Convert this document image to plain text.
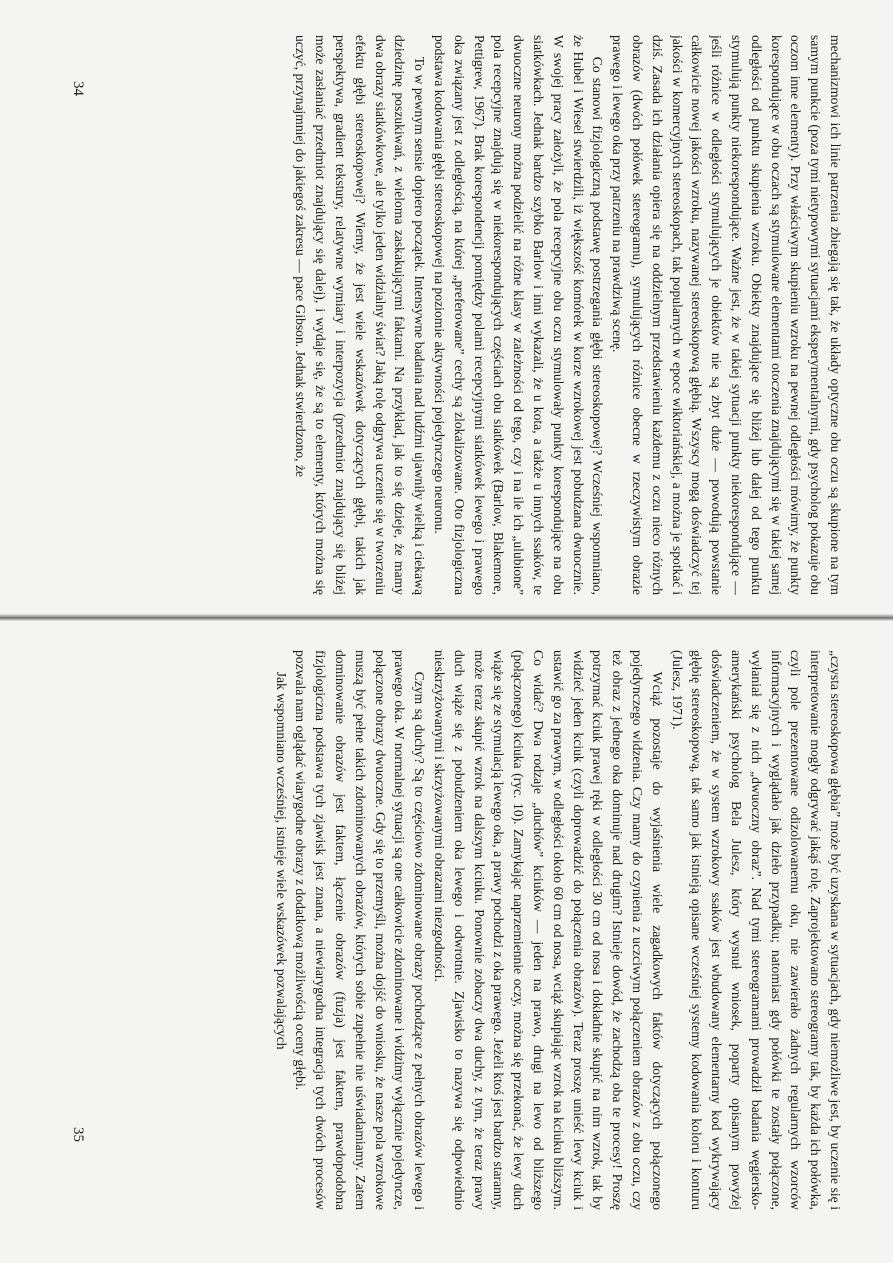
mechanizmowi ich linie patrzenia zbiegają się tak, że układy optyczne obu oczu są skupione na tym samym punkcie (poza tymi nietypowymi sytuacjami eksperymentalnymi, gdy psycholog pokazuje obu oczom inne elementy). Przy właściwym skupieniu wzroku na pewnej odległości mówimy, że punkty korespondujące w obu oczach są stymulowane elementami otoczenia znajdującymi się w takiej samej odległości od punktu skupienia wzroku. Obiekty znajdujące się bliżej lub dalej od tego punktu stymulują punkty niekorespondujące. Ważne jest, że w takiej sytuacji punkty niekorespondujące — jeśli różnice w odległości stymulujących je obiektów nie są zbyt duże — powodują powstanie całkowicie nowej jakości wzroku, nazywanej stereoskopową głębią. Wszyscy mogą doświadczyć tej jakości w komercyjnych stereoskopach, tak popularnych w epoce wiktoriańskiej, a można je spotkać i dziś. Zasada ich działania opiera się na oddzielnym przedstawieniu każdemu z oczu nieco różnych obrazów (dwóch połówek stereogramu), symulujących różnice obecne w rzeczywistym obrazie prawego i lewego oka przy patrzeniu na prawdziwą scenę.

Co stanowi fizjologiczną podstawę postrzegania głębi stereoskopowej? Wcześniej wspomniano, że Hubel i Wiesel stwierdzili, iż większość komórek w korze wzrokowej jest pobudzana dwuocznie. W swojej pracy założyli, że pola recepcyjne obu oczu stymulowały punkty korespondujące na obu siatkówkach. Jednak bardzo szybko Barlow i inni wykazali, że u kota, a także u innych ssaków, te dwuoczne neurony można podzielić na różne klasy w zależności od tego, czy i na ile ich „ulubione” pola recepcyjne znajdują się w niekorespondujących częściach obu siatkówek (Barlow, Blakemore, Pettigrew, 1967). Brak korespondencji pomiędzy polami recepcyjnymi siatkówek lewego i prawego oka związany jest z odległością, na której „preferowane” cechy są zlokalizowane. Oto fizjologiczna podstawa kodowania głębi stereoskopowej na poziomie aktywności pojedynczego neuronu.

To w pewnym sensie dopiero początek. Intensywne badania nad ludźmi ujawniły wielką i ciekawą dziedzinę poszukiwań, z wieloma zaskakującymi faktami. Na przykład, jak to się dzieje, że mamy dwa obrazy siatkówkowe, ale tylko jeden widzialny świat? Jaką rolę odgrywa uczenie się w tworzeniu efektu głębi stereoskopowej? Wiemy, że jest wiele wskazówek dotyczących głębi, takich jak perspektywa, gradient tekstury, relatywne wymiary i interpozycja (przedmiot znajdujący się bliżej może zasłaniać przedmiot znajdujący się dalej), i wydaje się, że są to elementy, których można się uczyć, przynajmniej do jakiegoś zakresu — pace Gibson. Jednak stwierdzono, że

„czysta stereoskopowa głębia” może być uzyskana w sytuacjach, gdy niemożliwe jest, by uczenie się i interpretowanie mogły odgrywać jakąś rolę. Zaprojektowano stereogramy tak, by każda ich połówka, czyli pole prezentowane odizolowanemu oku, nie zawierało żadnych regularnych wzorców informacyjnych i wyglądało jak dzieło przypadku; natomiast gdy połówki te zostały połączone, wyłaniał się z nich „dwuoczny obraz”. Nad tymi stereogramami prowadził badania węgiersko-amerykański psycholog Bela Julesz, który wysnuł wniosek, poparty opisanym powyżej doświadczeniem, że w system wzrokowy ssaków jest wbudowany elementarny kod wykrywający głębię stereoskopową, tak samo jak istnieją opisane wcześniej systemy kodowania koloru i konturu (Julesz, 1971).

Wciąż pozostaje do wyjaśnienia wiele zagadkowych faktów dotyczących połączonego pojedynczego widzenia. Czy mamy do czynienia z uczciwym połączeniem obrazów z obu oczu, czy też obraz z jednego oka dominuje nad drugim? Istnieje dowód, że zachodzą oba te procesy! Proszę potrzymać kciuk prawej ręki w odległości 30 cm od nosa i dokładnie skupić na nim wzrok, tak by widzieć jeden kciuk (czyli doprowadzić do połączenia obrazów). Teraz proszę unieść lewy kciuk i ustawić go za prawym, w odległości około 60 cm od nosa, wciąż skupiając wzrok na kciuku bliższym. Co widać? Dwa rodzaje „duchów” kciuków — jeden na prawo, drugi na lewo od bliższego (połączonego) kciuka (ryc. 10). Zamykając naprzemiennie oczy, można się przekonać, że lewy duch wiąże się ze stymulacją lewego oka, a prawy pochodzi z oka prawego. Jeżeli ktoś jest bardzo staranny, może teraz skupić wzrok na dalszym kciuku. Ponownie zobaczy dwa duchy, z tym, że teraz prawy duch wiąże się z pobudzeniem oka lewego i odwrotnie. Zjawisko to nazywa się odpowiednio nieskrzyżowanymi i skrzyżowanymi obrazami niezgodności.

Czym są duchy? Są to częściowo zdominowane obrazy pochodzące z pełnych obrazów lewego i prawego oka. W normalnej sytuacji są one całkowicie zdominowane i widzimy wyłącznie pojedyncze, połączone obrazy dwuoczne. Gdy się to przemyśli, można dojść do wniosku, że nasze pola wzrokowe muszą być pełne takich zdominowanych obrazów, których sobie zupełnie nie uświadamiamy. Zatem dominowanie obrazów jest faktem, łączenie obrazów (fuzja) jest faktem, prawdopodobna fizjologiczna podstawa tych zjawisk jest znana, a niewiarygodna integracja tych dwóch procesów pozwala nam oglądać wiarygodne obrazy z dodatkową możliwością oceny głębi.

Jak wspomniano wcześniej, istnieje wiele wskazówek pozwalających

34
35
